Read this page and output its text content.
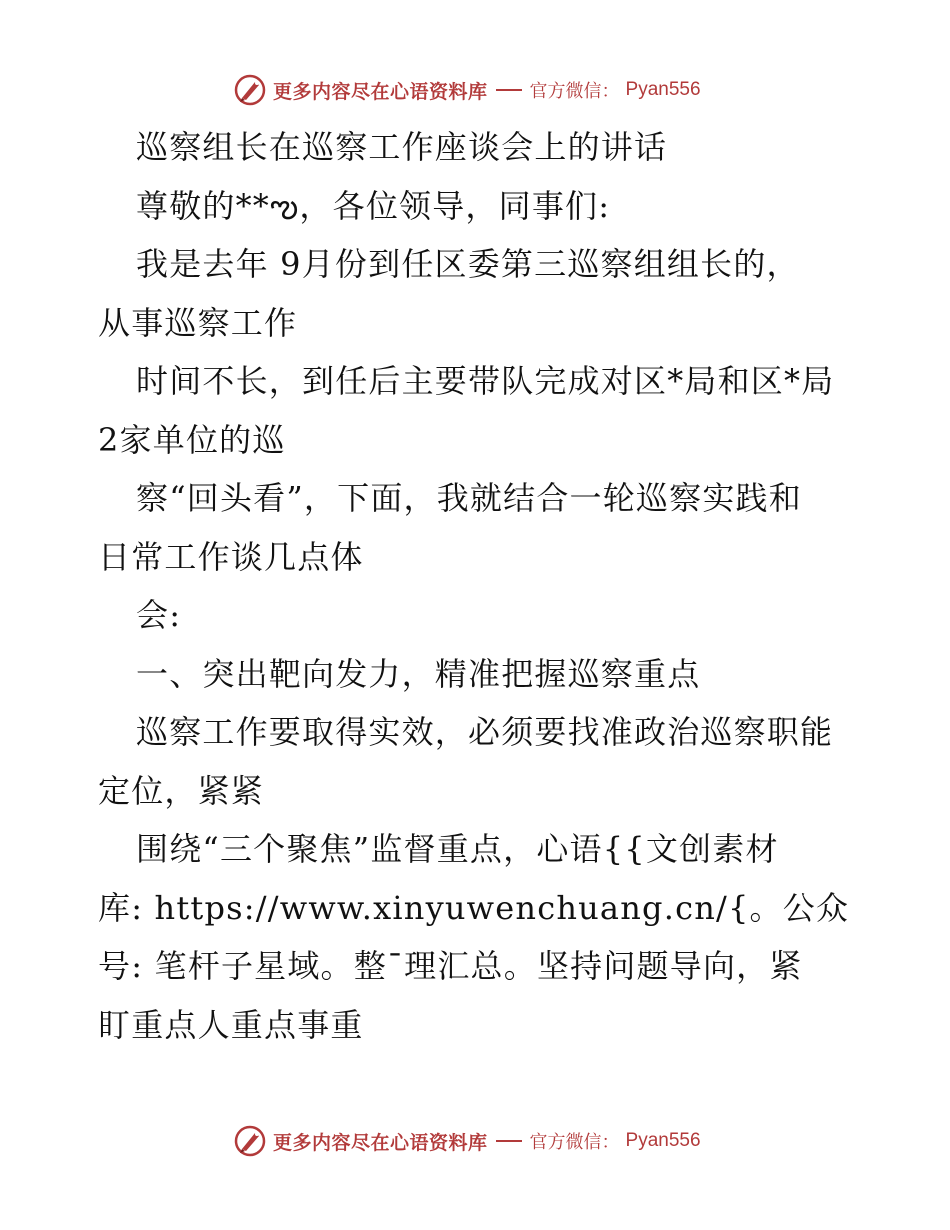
更多内容尽在心语资料库 官方微信： Pyan556
巡察组长在巡察工作座谈会上的讲话
尊敬的**ఌ，各位领导，同事们:
我是去年 9月份到任区委第三巡察组组长的，
从事巡察工作
时间不长，到任后主要带队完成对区*局和区*局
2家单位的巡
察“回头看”，下面，我就结合一轮巡察实践和
日常工作谈几点体
会:
一、突出靶向发力，精准把握巡察重点
巡察工作要取得实效，必须要找准政治巡察职能
定位，紧紧
围绕“三个聚焦”监督重点，心语{{文创素材
库: https://www.xinyuwenchuang.cn/{。公众
号: 笔杆子星域。整¯理汇总。坚持问题导向，紧
盯重点人重点事重
更多内容尽在心语资料库 官方微信： Pyan556
